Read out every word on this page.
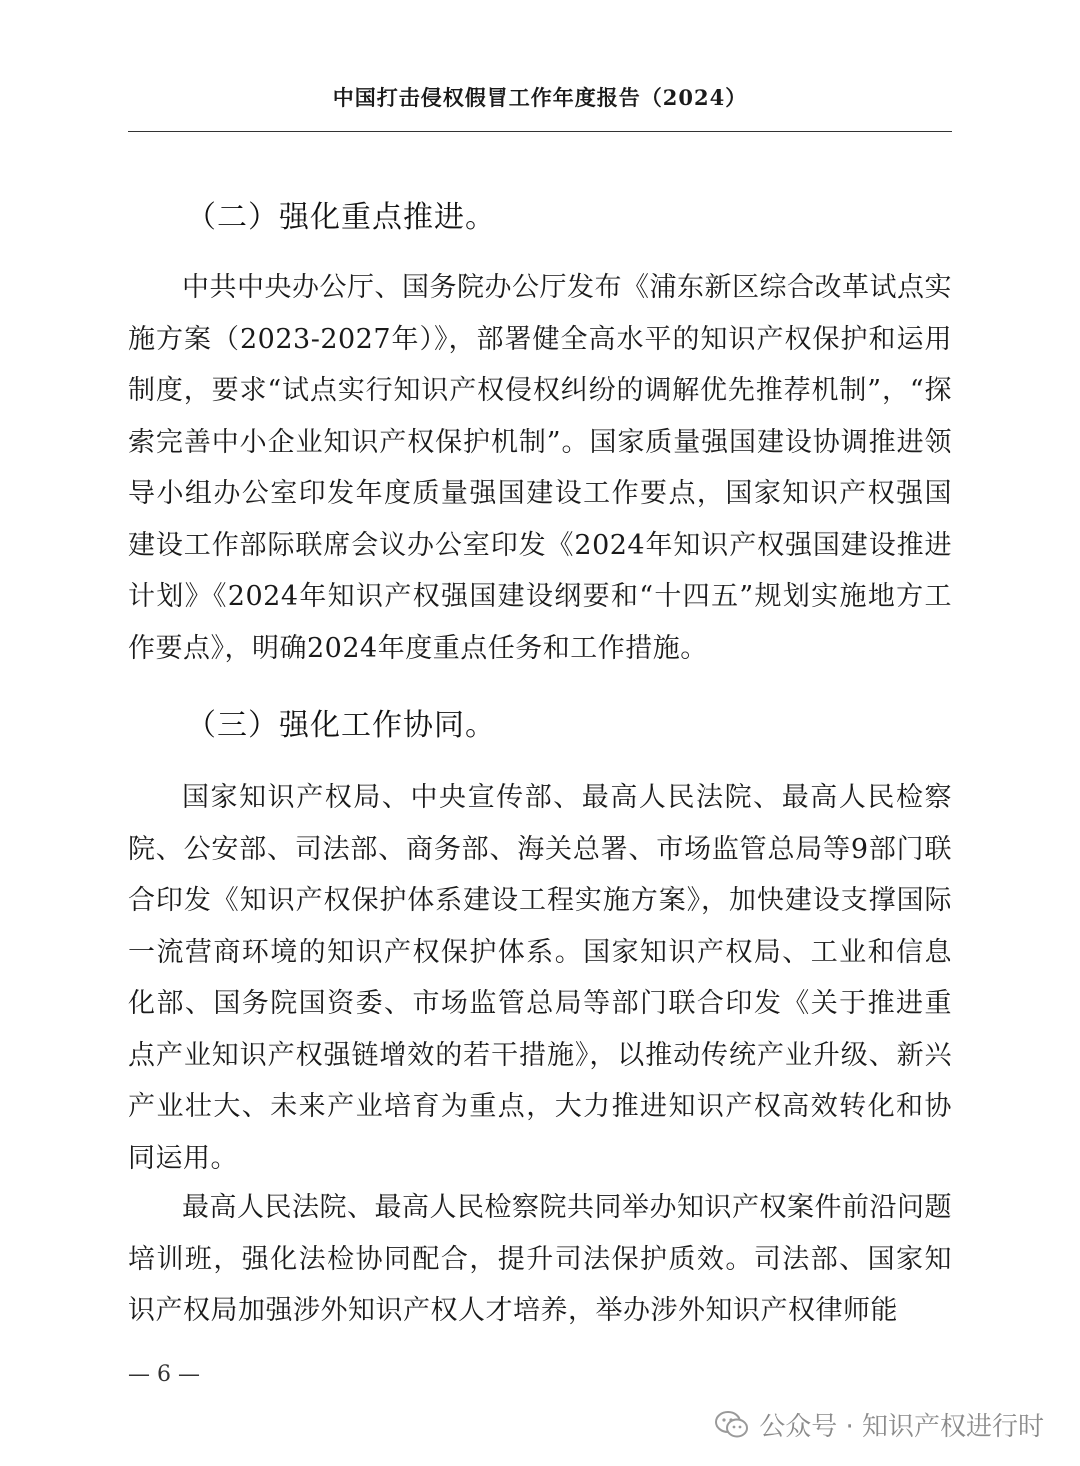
中国打击侵权假冒工作年度报告（2024）
（二）强化重点推进。

中共中央办公厅、国务院办公厅发布《浦东新区综合改革试点实施方案（2023-2027年）》，部署健全高水平的知识产权保护和运用制度，要求“试点实行知识产权侵权纠纷的调解优先推荐机制”，“探索完善中小企业知识产权保护机制”。国家质量强国建设协调推进领导小组办公室印发年度质量强国建设工作要点，国家知识产权强国建设工作部际联席会议办公室印发《2024年知识产权强国建设推进计划》《2024年知识产权强国建设纲要和“十四五”规划实施地方工作要点》，明确2024年度重点任务和工作措施。

（三）强化工作协同。

国家知识产权局、中央宣传部、最高人民法院、最高人民检察院、公安部、司法部、商务部、海关总署、市场监管总局等9部门联合印发《知识产权保护体系建设工程实施方案》，加快建设支撑国际一流营商环境的知识产权保护体系。国家知识产权局、工业和信息化部、国务院国资委、市场监管总局等部门联合印发《关于推进重点产业知识产权强链增效的若干措施》，以推动传统产业升级、新兴产业壮大、未来产业培育为重点，大力推进知识产权高效转化和协同运用。

最高人民法院、最高人民检察院共同举办知识产权案件前沿问题培训班，强化法检协同配合，提升司法保护质效。司法部、国家知识产权局加强涉外知识产权人才培养，举办涉外知识产权律师能

— 6 —
公众号 · 知识产权进行时
